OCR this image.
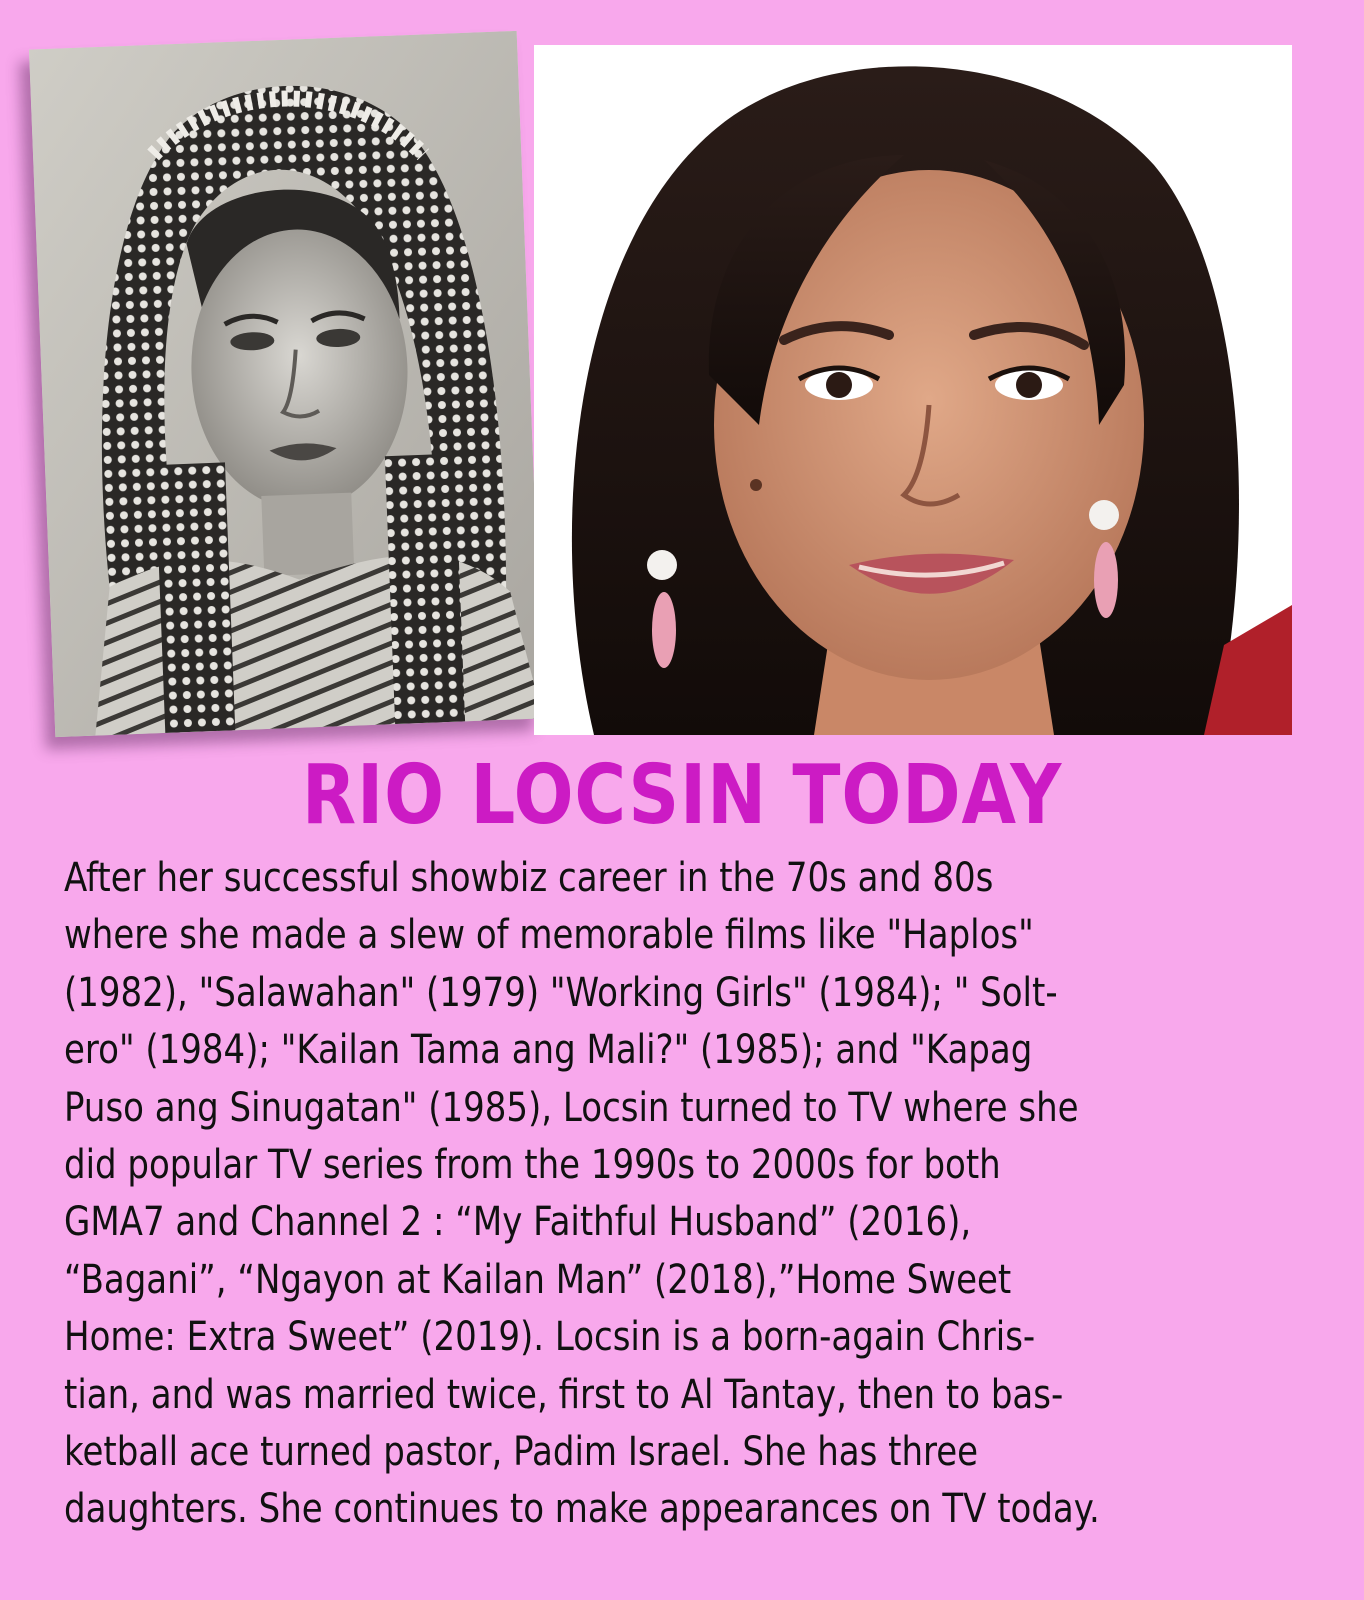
RIO LOCSIN TODAY
After her successful showbiz career in the 70s and 80s
where she made a slew of memorable films like "Haplos"
(1982), "Salawahan" (1979) "Working Girls" (1984); " Solt-
ero" (1984); "Kailan Tama ang Mali?" (1985); and "Kapag
Puso ang Sinugatan" (1985), Locsin turned to TV where she
did popular TV series from the 1990s to 2000s for both
GMA7 and Channel 2 : “My Faithful Husband” (2016),
“Bagani”, “Ngayon at Kailan Man” (2018),”Home Sweet
Home: Extra Sweet” (2019). Locsin is a born-again Chris-
tian, and was married twice, first to Al Tantay, then to bas-
ketball ace turned pastor, Padim Israel. She has three
daughters. She continues to make appearances on TV today.
